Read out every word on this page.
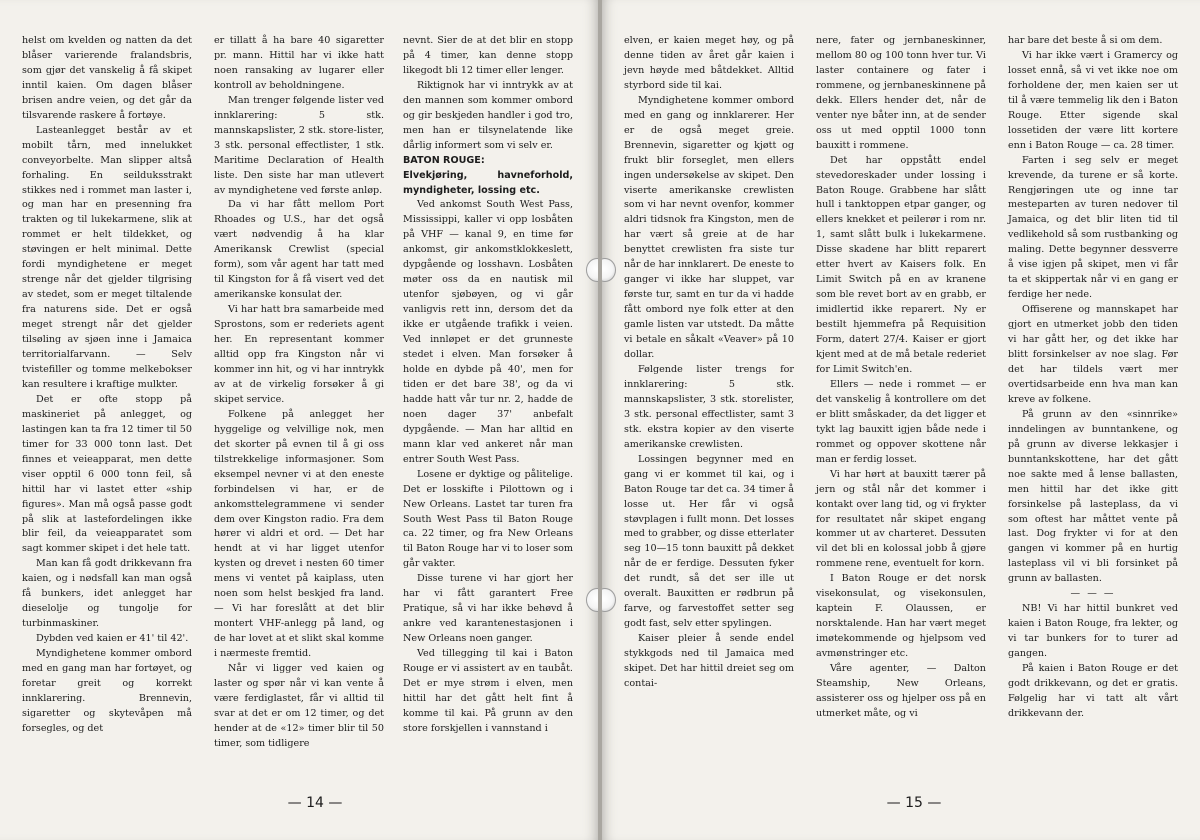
helst om kvelden og natten da det blåser varierende fralandsbris, som gjør det vanskelig å få skipet inntil kaien. Om dagen blåser brisen andre veien, og det går da tilsvarende raskere å fortøye.

Lasteanlegget består av et mobilt tårn, med innelukket conveyorbelte. Man slipper altså forhaling. En seilduksstrakt stikkes ned i rommet man laster i, og man har en presenning fra trakten og til lukekarmene, slik at rommet er helt tildekket, og støvingen er helt minimal. Dette fordi myndighetene er meget strenge når det gjelder tilgrising av stedet, som er meget tiltalende fra naturens side. Det er også meget strengt når det gjelder tilsøling av sjøen inne i Jamaica territorialfarvann. — Selv tvistefiller og tomme melkebokser kan resultere i kraftige mulkter.

Det er ofte stopp på maskineriet på anlegget, og lastingen kan ta fra 12 timer til 50 timer for 33 000 tonn last. Det finnes et veieapparat, men dette viser opptil 6 000 tonn feil, så hittil har vi lastet etter «ship figures». Man må også passe godt på slik at lastefordelingen ikke blir feil, da veieapparatet som sagt kommer skipet i det hele tatt.

Man kan få godt drikkevann fra kaien, og i nødsfall kan man også få bunkers, idet anlegget har dieselolje og tungolje for turbinmaskiner.

Dybden ved kaien er 41' til 42'.

Myndighetene kommer ombord med en gang man har fortøyet, og foretar greit og korrekt innklarering. Brennevin, sigaretter og skytevåpen må forsegles, og det

er tillatt å ha bare 40 sigaretter pr. mann. Hittil har vi ikke hatt noen ransaking av lugarer eller kontroll av beholdningene.

Man trenger følgende lister ved innklarering: 5 stk. mannskapslister, 2 stk. store-lister, 3 stk. personal effectlister, 1 stk. Maritime Declaration of Health liste. Den siste har man utlevert av myndighetene ved første anløp.

Da vi har fått mellom Port Rhoades og U.S., har det også vært nødvendig å ha klar Amerikansk Crewlist (special form), som vår agent har tatt med til Kingston for å få visert ved det amerikanske konsulat der.

Vi har hatt bra samarbeide med Sprostons, som er rederiets agent her. En representant kommer alltid opp fra Kingston når vi kommer inn hit, og vi har inntrykk av at de virkelig forsøker å gi skipet service.

Folkene på anlegget her hyggelige og velvillige nok, men det skorter på evnen til å gi oss tilstrekkelige informasjoner. Som eksempel nevner vi at den eneste forbindelsen vi har, er de ankomsttelegrammene vi sender dem over Kingston radio. Fra dem hører vi aldri et ord. — Det har hendt at vi har ligget utenfor kysten og drevet i nesten 60 timer mens vi ventet på kaiplass, uten noen som helst beskjed fra land. — Vi har foreslått at det blir montert VHF-anlegg på land, og de har lovet at et slikt skal komme i nærmeste fremtid.

Når vi ligger ved kaien og laster og spør når vi kan vente å være ferdiglastet, får vi alltid til svar at det er om 12 timer, og det hender at de «12» timer blir til 50 timer, som tidligere

nevnt. Sier de at det blir en stopp på 4 timer, kan denne stopp likegodt bli 12 timer eller lenger.

Riktignok har vi inntrykk av at den mannen som kommer ombord og gir beskjeden handler i god tro, men han er tilsynelatende like dårlig informert som vi selv er.

BATON ROUGE:
Elvekjøring, havneforhold, myndigheter, lossing etc.

Ved ankomst South West Pass, Mississippi, kaller vi opp losbåten på VHF — kanal 9, en time før ankomst, gir ankomstklokkeslett, dypgående og losshavn. Losbåten møter oss da en nautisk mil utenfor sjøbøyen, og vi går vanligvis rett inn, dersom det da ikke er utgående trafikk i veien. Ved innløpet er det grunneste stedet i elven. Man forsøker å holde en dybde på 40', men for tiden er det bare 38', og da vi hadde hatt vår tur nr. 2, hadde de noen dager 37' anbefalt dypgående. — Man har alltid en mann klar ved ankeret når man entrer South West Pass.

Losene er dyktige og pålitelige. Det er losskifte i Pilottown og i New Orleans. Lastet tar turen fra South West Pass til Baton Rouge ca. 22 timer, og fra New Orleans til Baton Rouge har vi to loser som går vakter.

Disse turene vi har gjort her har vi fått garantert Free Pratique, så vi har ikke behøvd å ankre ved karantenestasjonen i New Orleans noen ganger.

Ved tillegging til kai i Baton Rouge er vi assistert av en taubåt. Det er mye strøm i elven, men hittil har det gått helt fint å komme til kai. På grunn av den store forskjellen i vannstand i

— 14 —

elven, er kaien meget høy, og på denne tiden av året går kaien i jevn høyde med båtdekket. Alltid styrbord side til kai.

Myndighetene kommer ombord med en gang og innklarerer. Her er de også meget greie. Brennevin, sigaretter og kjøtt og frukt blir forseglet, men ellers ingen undersøkelse av skipet. Den viserte amerikanske crewlisten som vi har nevnt ovenfor, kommer aldri tidsnok fra Kingston, men de har vært så greie at de har benyttet crewlisten fra siste tur når de har innklarert. De eneste to ganger vi ikke har sluppet, var første tur, samt en tur da vi hadde fått ombord nye folk etter at den gamle listen var utstedt. Da måtte vi betale en såkalt «Veaver» på 10 dollar.

Følgende lister trengs for innklarering: 5 stk. mannskapslister, 3 stk. storelister, 3 stk. personal effectlister, samt 3 stk. ekstra kopier av den viserte amerikanske crewlisten.

Lossingen begynner med en gang vi er kommet til kai, og i Baton Rouge tar det ca. 34 timer å losse ut. Her får vi også støvplagen i fullt monn. Det losses med to grabber, og disse etterlater seg 10—15 tonn bauxitt på dekket når de er ferdige. Dessuten fyker det rundt, så det ser ille ut overalt. Bauxitten er rødbrun på farve, og farvestoffet setter seg godt fast, selv etter spylingen.

Kaiser pleier å sende endel stykkgods ned til Jamaica med skipet. Det har hittil dreiet seg om contai-

nere, fater og jernbaneskinner, mellom 80 og 100 tonn hver tur. Vi laster containere og fater i rommene, og jernbaneskinnene på dekk. Ellers hender det, når de venter nye båter inn, at de sender oss ut med opptil 1000 tonn bauxitt i rommene.

Det har oppstått endel stevedoreskader under lossing i Baton Rouge. Grabbene har slått hull i tanktoppen etpar ganger, og ellers knekket et peilerør i rom nr. 1, samt slått bulk i lukekarmene. Disse skadene har blitt reparert etter hvert av Kaisers folk. En Limit Switch på en av kranene som ble revet bort av en grabb, er imidlertid ikke reparert. Ny er bestilt hjemmefra på Requisition Form, datert 27/4. Kaiser er gjort kjent med at de må betale rederiet for Limit Switch'en.

Ellers — nede i rommet — er det vanskelig å kontrollere om det er blitt småskader, da det ligger et tykt lag bauxitt igjen både nede i rommet og oppover skottene når man er ferdig losset.

Vi har hørt at bauxitt tærer på jern og stål når det kommer i kontakt over lang tid, og vi frykter for resultatet når skipet engang kommer ut av charteret. Dessuten vil det bli en kolossal jobb å gjøre rommene rene, eventuelt for korn.

I Baton Rouge er det norsk visekonsulat, og visekonsulen, kaptein F. Olaussen, er norsktalende. Han har vært meget imøtekommende og hjelpsom ved avmønstringer etc.

Våre agenter, — Dalton Steamship, New Orleans, assisterer oss og hjelper oss på en utmerket måte, og vi

har bare det beste å si om dem.

Vi har ikke vært i Gramercy og losset ennå, så vi vet ikke noe om forholdene der, men kaien ser ut til å være temmelig lik den i Baton Rouge. Etter sigende skal lossetiden der være litt kortere enn i Baton Rouge — ca. 28 timer.

Farten i seg selv er meget krevende, da turene er så korte. Rengjøringen ute og inne tar mesteparten av turen nedover til Jamaica, og det blir liten tid til vedlikehold så som rustbanking og maling. Dette begynner dessverre å vise igjen på skipet, men vi får ta et skippertak når vi en gang er ferdige her nede.

Offiserene og mannskapet har gjort en utmerket jobb den tiden vi har gått her, og det ikke har blitt forsinkelser av noe slag. Før det har tildels vært mer overtidsarbeide enn hva man kan kreve av folkene.

På grunn av den «sinnrike» inndelingen av bunntankene, og på grunn av diverse lekkasjer i bunntankskottene, har det gått noe sakte med å lense ballasten, men hittil har det ikke gitt forsinkelse på lasteplass, da vi som oftest har måttet vente på last. Dog frykter vi for at den gangen vi kommer på en hurtig lasteplass vil vi bli forsinket på grunn av ballasten.

— — —

NB! Vi har hittil bunkret ved kaien i Baton Rouge, fra lekter, og vi tar bunkers for to turer ad gangen.

På kaien i Baton Rouge er det godt drikkevann, og det er gratis. Følgelig har vi tatt alt vårt drikkevann der.

— 15 —
